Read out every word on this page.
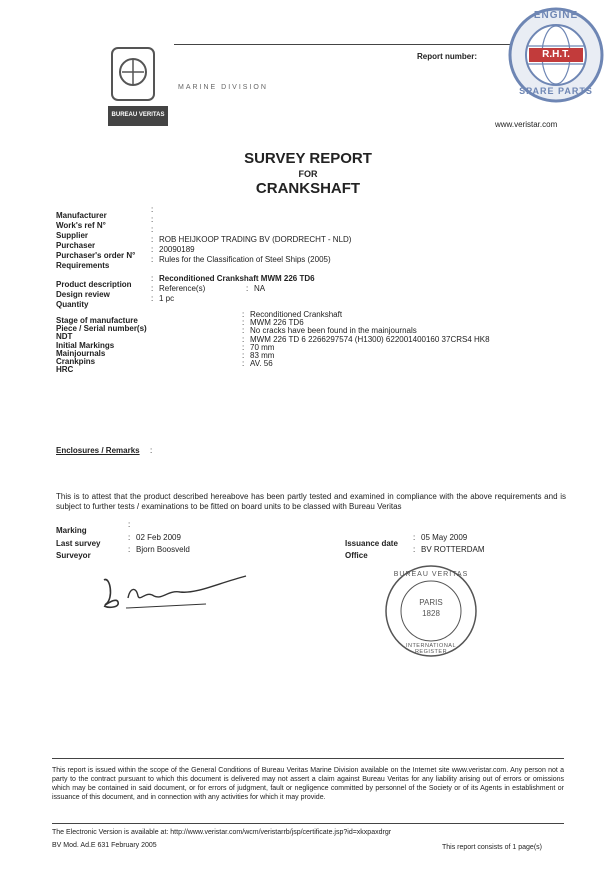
BUREAU VERITAS
MARINE DIVISION
Report number:
www.veristar.com
ENGINE
R.H.T.
SPARE PARTS
SURVEY REPORT
FOR
CRANKSHAFT
Manufacturer
:
Work's ref N°
:
Supplier
:
Purchaser
: ROB HEIJKOOP TRADING BV (DORDRECHT - NLD)
Purchaser's order N°
: 20090189
Requirements
: Rules for the Classification of Steel Ships (2005)
Product description
: Reconditioned Crankshaft MWM 226 TD6
Design review
: Reference(s)	: NA
Quantity
: 1 pc
Stage of manufacture
: Reconditioned Crankshaft
Piece / Serial number(s)
: MWM 226 TD6
NDT
: No cracks have been found in the mainjournals
Initial Markings
: MWM 226 TD 6 2266297574 (H1300) 622001400160 37CRS4 HK8
Mainjournals
: 70 mm
Crankpins
: 83 mm
HRC
: AV. 56
Enclosures / Remarks :
This is to attest that the product described hereabove has been partly tested and examined in compliance with the above requirements and is subject to further tests / examinations to be fitted on board units to be classed with Bureau Veritas
Marking
:
Last survey
: 02 Feb 2009
Surveyor
: Bjorn Boosveld
Issuance date
: 05 May 2009
Office
: BV ROTTERDAM
BUREAU VERITAS
PARIS
1828
INTERNATIONAL REGISTER
This report is issued within the scope of the General Conditions of Bureau Veritas Marine Division available on the Internet site www.veristar.com. Any person not a party to the contract pursuant to which this document is delivered may not assert a claim against Bureau Veritas for any liability arising out of errors or omissions which may be contained in said document, or for errors of judgment, fault or negligence committed by personnel of the Society or of its Agents in establishment or issuance of this document, and in connection with any activities for which it may provide.
The Electronic Version is available at: http://www.veristar.com/wcm/veristarrb/jsp/certificate.jsp?id=xkxpaxdrgr
BV Mod. Ad.E 631 February 2005	This report consists of 1 page(s)
